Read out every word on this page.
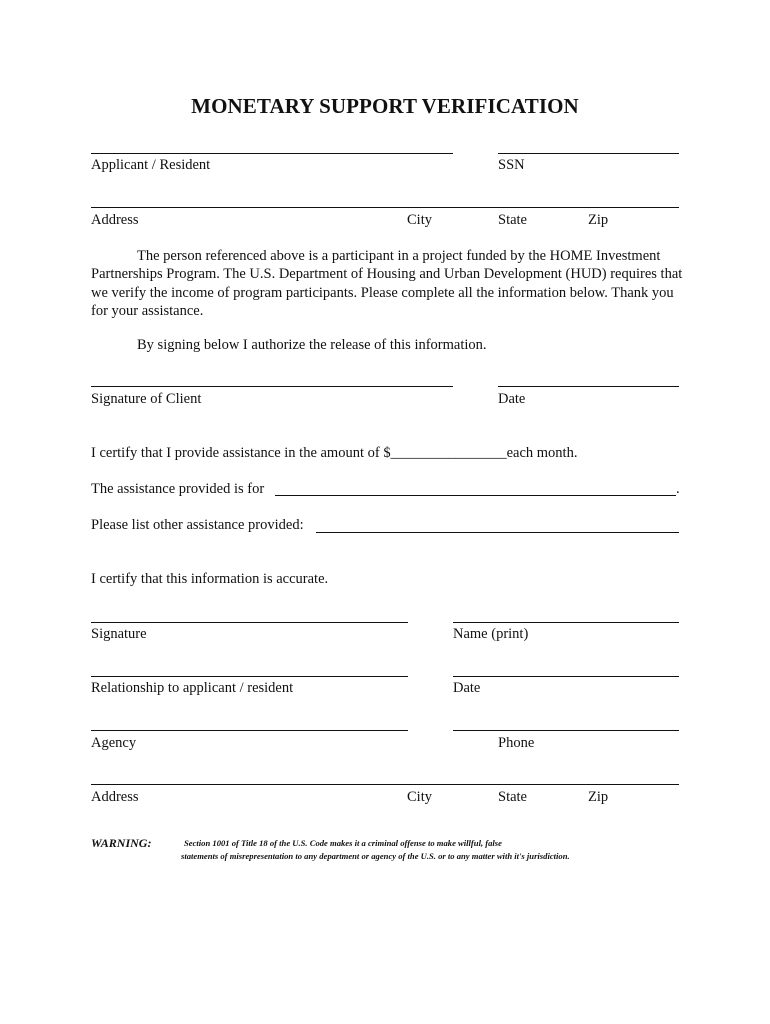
MONETARY SUPPORT VERIFICATION
Applicant / Resident	SSN
Address	City	State	Zip
The person referenced above is a participant in a project funded by the HOME Investment Partnerships Program. The U.S. Department of Housing and Urban Development (HUD) requires that we verify the income of program participants. Please complete all the information below. Thank you for your assistance.
By signing below I authorize the release of this information.
Signature of Client	Date
I certify that I provide assistance in the amount of $________________each month.
The assistance provided is for	.
Please list other assistance provided:
I certify that this information is accurate.
Signature	Name (print)
Relationship to applicant / resident	Date
Agency	Phone
Address	City	State	Zip
WARNING:	Section 1001 of Title 18 of the U.S. Code makes it a criminal offense to make willful, false
statements of misrepresentation to any department or agency of the U.S. or to any matter with it's jurisdiction.
